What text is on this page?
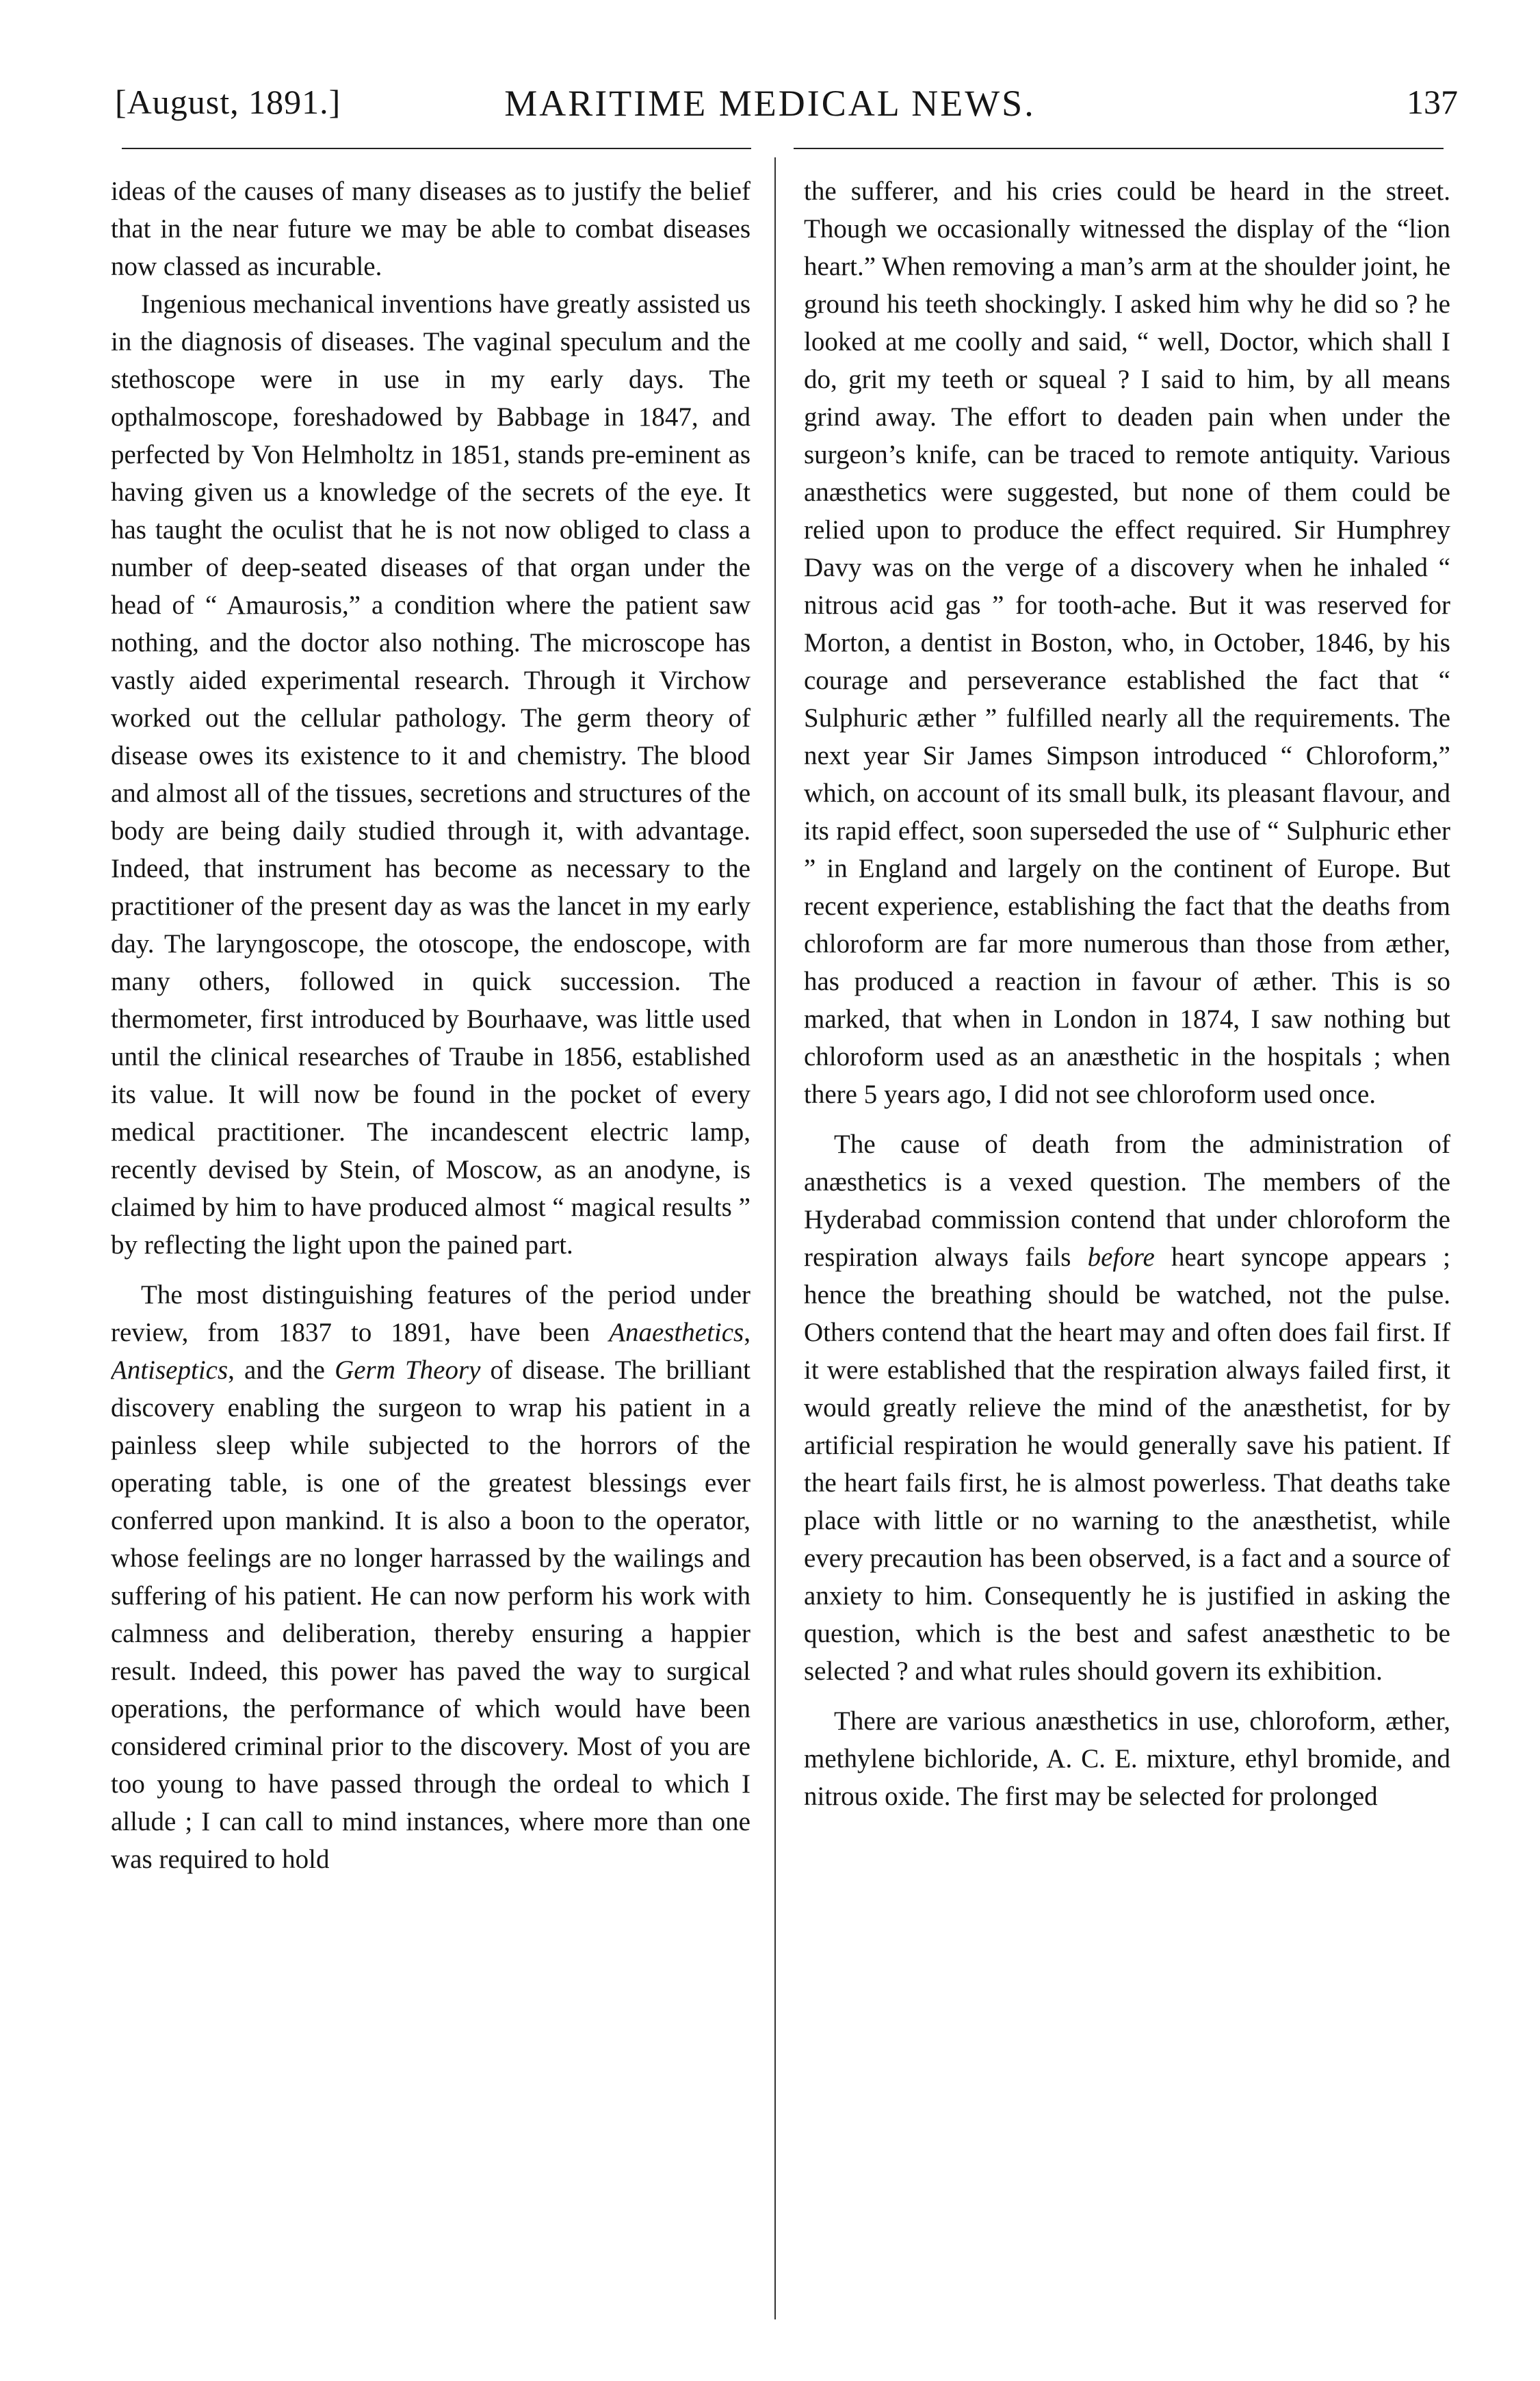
[August, 1891.]	MARITIME MEDICAL NEWS.	137

ideas of the causes of many diseases as to justify the belief that in the near future we may be able to combat diseases now classed as incurable.

Ingenious mechanical inventions have greatly assisted us in the diagnosis of diseases. The vaginal speculum and the stethoscope were in use in my early days. The opthalmoscope, foreshadowed by Babbage in 1847, and perfected by Von Helmholtz in 1851, stands pre-eminent as having given us a knowledge of the secrets of the eye. It has taught the oculist that he is not now obliged to class a number of deep-seated diseases of that organ under the head of “ Amaurosis,” a condition where the patient saw nothing, and the doctor also nothing. The microscope has vastly aided experimental research. Through it Virchow worked out the cellular pathology. The germ theory of disease owes its existence to it and chemistry. The blood and almost all of the tissues, secretions and structures of the body are being daily studied through it, with advantage. Indeed, that instrument has become as necessary to the practitioner of the present day as was the lancet in my early day. The laryngoscope, the otoscope, the endoscope, with many others, followed in quick succession. The thermometer, first introduced by Bourhaave, was little used until the clinical researches of Traube in 1856, established its value. It will now be found in the pocket of every medical practitioner. The incandescent electric lamp, recently devised by Stein, of Moscow, as an anodyne, is claimed by him to have produced almost “ magical results ” by reflecting the light upon the pained part.

The most distinguishing features of the period under review, from 1837 to 1891, have been Anaesthetics, Antiseptics, and the Germ Theory of disease. The brilliant discovery enabling the surgeon to wrap his patient in a painless sleep while subjected to the horrors of the operating table, is one of the greatest blessings ever conferred upon mankind. It is also a boon to the operator, whose feelings are no longer harrassed by the wailings and suffering of his patient. He can now perform his work with calmness and deliberation, thereby ensuring a happier result. Indeed, this power has paved the way to surgical operations, the performance of which would have been considered criminal prior to the discovery. Most of you are too young to have passed through the ordeal to which I allude ; I can call to mind instances, where more than one was required to hold

the sufferer, and his cries could be heard in the street. Though we occasionally witnessed the display of the “lion heart.” When removing a man’s arm at the shoulder joint, he ground his teeth shockingly. I asked him why he did so ? he looked at me coolly and said, “ well, Doctor, which shall I do, grit my teeth or squeal ? I said to him, by all means grind away. The effort to deaden pain when under the surgeon’s knife, can be traced to remote antiquity. Various anæsthetics were suggested, but none of them could be relied upon to produce the effect required. Sir Humphrey Davy was on the verge of a discovery when he inhaled “ nitrous acid gas ” for tooth-ache. But it was reserved for Morton, a dentist in Boston, who, in October, 1846, by his courage and perseverance established the fact that “ Sulphuric æther ” fulfilled nearly all the requirements. The next year Sir James Simpson introduced “ Chloroform,” which, on account of its small bulk, its pleasant flavour, and its rapid effect, soon superseded the use of “ Sulphuric ether ” in England and largely on the continent of Europe. But recent experience, establishing the fact that the deaths from chloroform are far more numerous than those from æther, has produced a reaction in favour of æther. This is so marked, that when in London in 1874, I saw nothing but chloroform used as an anæsthetic in the hospitals ; when there 5 years ago, I did not see chloroform used once.

The cause of death from the administration of anæsthetics is a vexed question. The members of the Hyderabad commission contend that under chloroform the respiration always fails before heart syncope appears ; hence the breathing should be watched, not the pulse. Others contend that the heart may and often does fail first. If it were established that the respiration always failed first, it would greatly relieve the mind of the anæsthetist, for by artificial respiration he would generally save his patient. If the heart fails first, he is almost powerless. That deaths take place with little or no warning to the anæsthetist, while every precaution has been observed, is a fact and a source of anxiety to him. Consequently he is justified in asking the question, which is the best and safest anæsthetic to be selected ? and what rules should govern its exhibition.

There are various anæsthetics in use, chloroform, æther, methylene bichloride, A. C. E. mixture, ethyl bromide, and nitrous oxide. The first may be selected for prolonged
